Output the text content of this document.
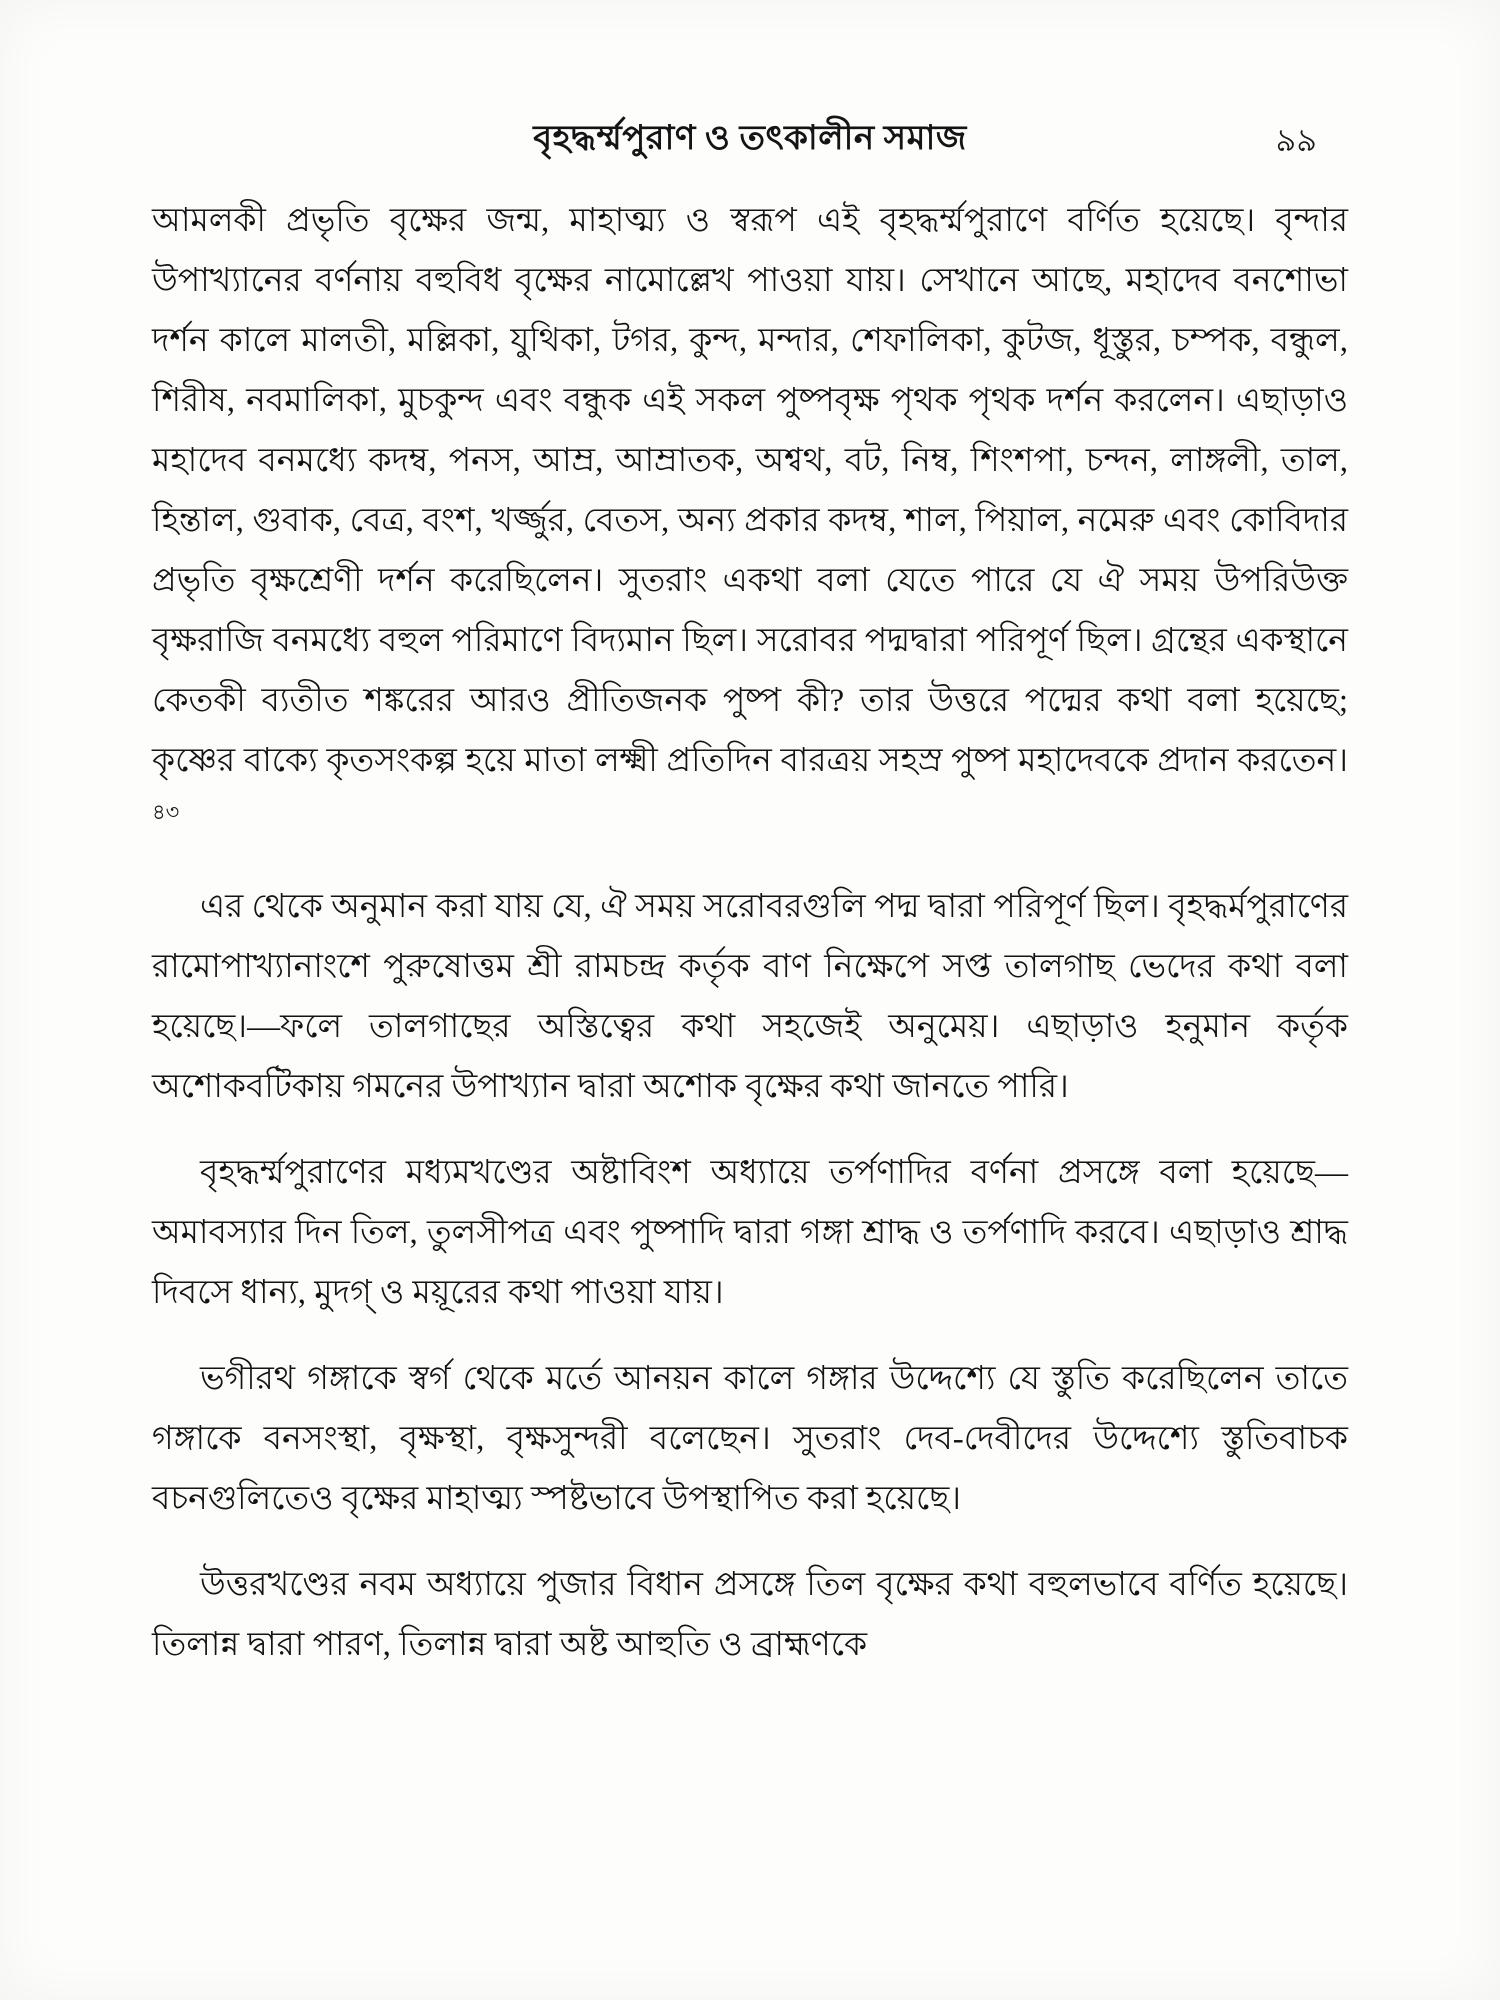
বৃহদ্ধর্ম্মপুরাণ ও তৎকালীন সমাজ	৯৯

আমলকী প্রভৃতি বৃক্ষের জন্ম, মাহাত্ম্য ও স্বরূপ এই বৃহদ্ধর্ম্মপুরাণে বর্ণিত হয়েছে। বৃন্দার উপাখ্যানের বর্ণনায় বহুবিধ বৃক্ষের নামোল্লেখ পাওয়া যায়। সেখানে আছে, মহাদেব বনশোভা দর্শন কালে মালতী, মল্লিকা, যুথিকা, টগর, কুন্দ, মন্দার, শেফালিকা, কুটজ, ধূস্তুর, চম্পক, বন্ধুল, শিরীষ, নবমালিকা, মুচকুন্দ এবং বন্ধুক এই সকল পুষ্পবৃক্ষ পৃথক পৃথক দর্শন করলেন। এছাড়াও মহাদেব বনমধ্যে কদম্ব, পনস, আম্র, আম্রাতক, অশ্বথ, বট, নিম্ব, শিংশপা, চন্দন, লাঙ্গলী, তাল, হিন্তাল, গুবাক, বেত্র, বংশ, খর্জ্জুর, বেতস, অন্য প্রকার কদম্ব, শাল, পিয়াল, নমেরু এবং কোবিদার প্রভৃতি বৃক্ষশ্রেণী দর্শন করেছিলেন। সুতরাং একথা বলা যেতে পারে যে ঐ সময় উপরিউক্ত বৃক্ষরাজি বনমধ্যে বহুল পরিমাণে বিদ্যমান ছিল। সরোবর পদ্মদ্বারা পরিপূর্ণ ছিল। গ্রন্থের একস্থানে কেতকী ব্যতীত শঙ্করের আরও প্রীতিজনক পুষ্প কী? তার উত্তরে পদ্মের কথা বলা হয়েছে; কৃষ্ণের বাক্যে কৃতসংকল্প হয়ে মাতা লক্ষ্মী প্রতিদিন বারত্রয় সহস্র পুষ্প মহাদেবকে প্রদান করতেন।$^{৪৩}$

এর থেকে অনুমান করা যায় যে, ঐ সময় সরোবরগুলি পদ্ম দ্বারা পরিপূর্ণ ছিল। বৃহদ্ধর্মপুরাণের রামোপাখ্যানাংশে পুরুষোত্তম শ্রী রামচন্দ্র কর্তৃক বাণ নিক্ষেপে সপ্ত তালগাছ ভেদের কথা বলা হয়েছে।—ফলে তালগাছের অস্তিত্বের কথা সহজেই অনুমেয়। এছাড়াও হনুমান কর্তৃক অশোকবটিকায় গমনের উপাখ্যান দ্বারা অশোক বৃক্ষের কথা জানতে পারি।

বৃহদ্ধর্ম্মপুরাণের মধ্যমখণ্ডের অষ্টাবিংশ অধ্যায়ে তর্পণাদির বর্ণনা প্রসঙ্গে বলা হয়েছে—অমাবস্যার দিন তিল, তুলসীপত্র এবং পুষ্পাদি দ্বারা গঙ্গা শ্রাদ্ধ ও তর্পণাদি করবে। এছাড়াও শ্রাদ্ধ দিবসে ধান্য, মুদগ্ ও ময়ূরের কথা পাওয়া যায়।

ভগীরথ গঙ্গাকে স্বর্গ থেকে মর্তে আনয়ন কালে গঙ্গার উদ্দেশ্যে যে স্তুতি করেছিলেন তাতে গঙ্গাকে বনসংস্থা, বৃক্ষস্থা, বৃক্ষসুন্দরী বলেছেন। সুতরাং দেব-দেবীদের উদ্দেশ্যে স্তুতিবাচক বচনগুলিতেও বৃক্ষের মাহাত্ম্য স্পষ্টভাবে উপস্থাপিত করা হয়েছে।

উত্তরখণ্ডের নবম অধ্যায়ে পুজার বিধান প্রসঙ্গে তিল বৃক্ষের কথা বহুলভাবে বর্ণিত হয়েছে। তিলান্ন দ্বারা পারণ, তিলান্ন দ্বারা অষ্ট আহুতি ও ব্রাহ্মণকে
